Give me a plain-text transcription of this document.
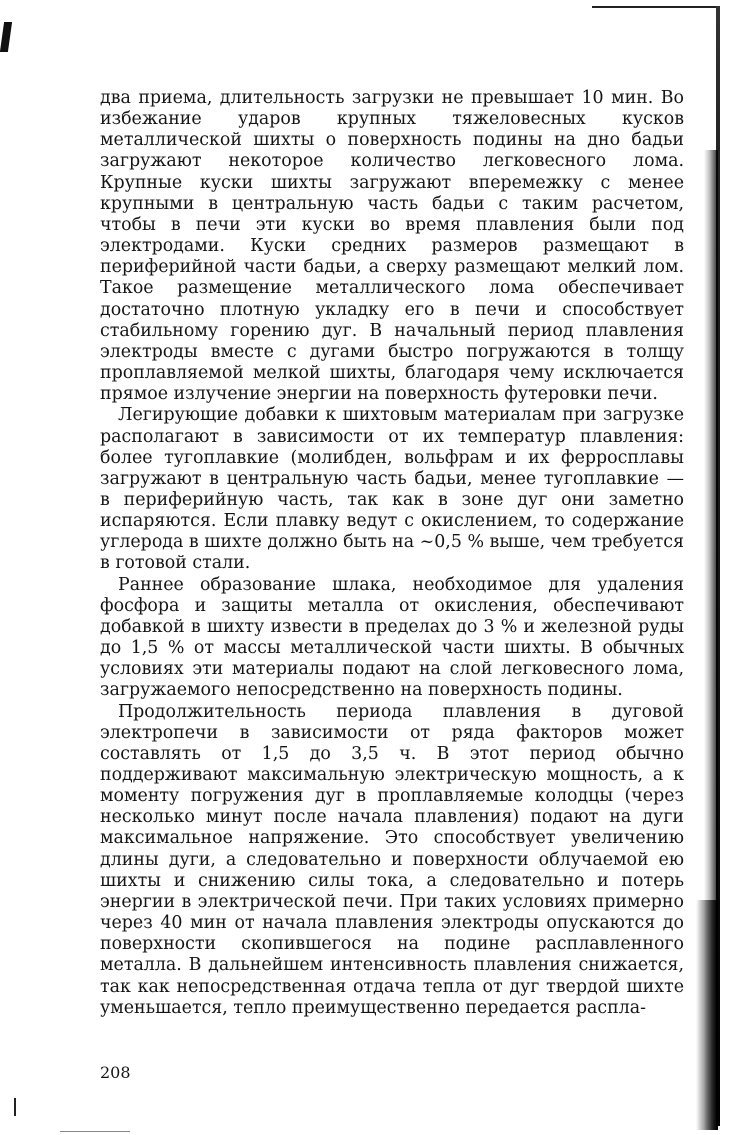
два приема, длительность загрузки не превышает 10 мин. Во избежание ударов крупных тяжеловесных кусков металлической шихты о поверхность подины на дно бадьи загружают некоторое количество легковесного лома. Крупные куски шихты загружают вперемежку с менее крупными в центральную часть бадьи с таким расчетом, чтобы в печи эти куски во время плавления были под электродами. Куски средних размеров размещают в периферийной части бадьи, а сверху размещают мелкий лом. Такое размещение металлического лома обеспечивает достаточно плотную укладку его в печи и способствует стабильному горению дуг. В начальный период плавления электроды вместе с дугами быстро погружаются в толщу проплавляемой мелкой шихты, благодаря чему исключается прямое излучение энергии на поверхность футеровки печи.

Легирующие добавки к шихтовым материалам при загрузке располагают в зависимости от их температур плавления: более тугоплавкие (молибден, вольфрам и их ферросплавы загружают в центральную часть бадьи, менее тугоплавкие — в периферийную часть, так как в зоне дуг они заметно испаряются. Если плавку ведут с окислением, то содержание углерода в шихте должно быть на ~0,5 % выше, чем требуется в готовой стали.

Раннее образование шлака, необходимое для удаления фосфора и защиты металла от окисления, обеспечивают добавкой в шихту извести в пределах до 3 % и железной руды до 1,5 % от массы металлической части шихты. В обычных условиях эти материалы подают на слой легковесного лома, загружаемого непосредственно на поверхность подины.

Продолжительность периода плавления в дуговой электропечи в зависимости от ряда факторов может составлять от 1,5 до 3,5 ч. В этот период обычно поддерживают максимальную электрическую мощность, а к моменту погружения дуг в проплавляемые колодцы (через несколько минут после начала плавления) подают на дуги максимальное напряжение. Это способствует увеличению длины дуги, а следовательно и поверхности облучаемой ею шихты и снижению силы тока, а следовательно и потерь энергии в электрической печи. При таких условиях примерно через 40 мин от начала плавления электроды опускаются до поверхности скопившегося на подине расплавленного металла. В дальнейшем интенсивность плавления снижается, так как непосредственная отдача тепла от дуг твердой шихте уменьшается, тепло преимущественно передается распла-

208
